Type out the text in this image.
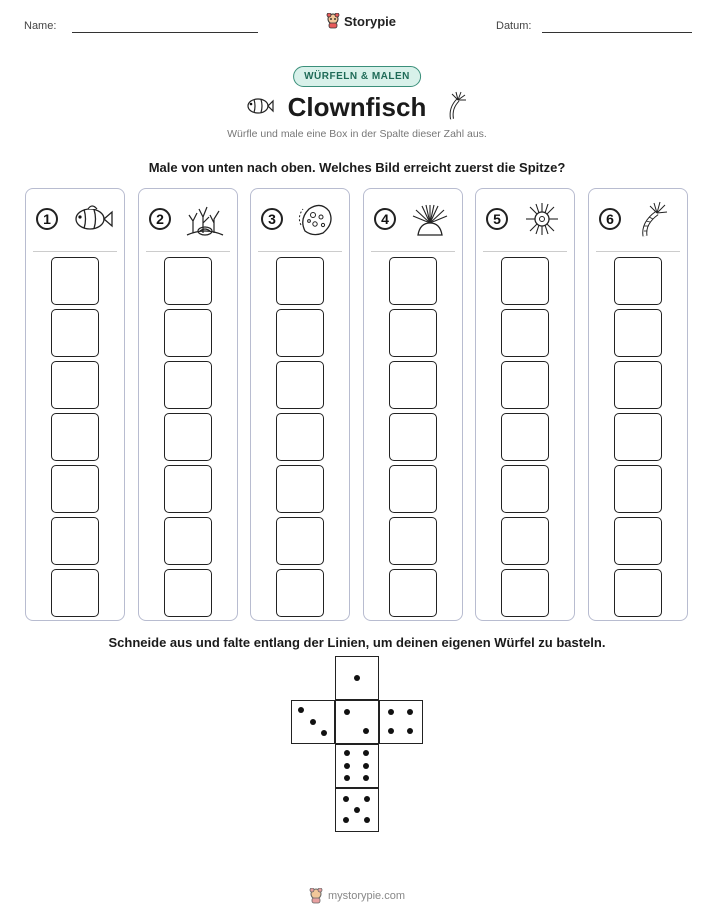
Name:	Storypie	Datum:
WÜRFELN & MALEN
Clownfisch
Würfle und male eine Box in der Spalte dieser Zahl aus.
Male von unten nach oben. Welches Bild erreicht zuerst die Spitze?
1	2	3	4	5	6
Schneide aus und falte entlang der Linien, um deinen eigenen Würfel zu basteln.
mystorypie.com
